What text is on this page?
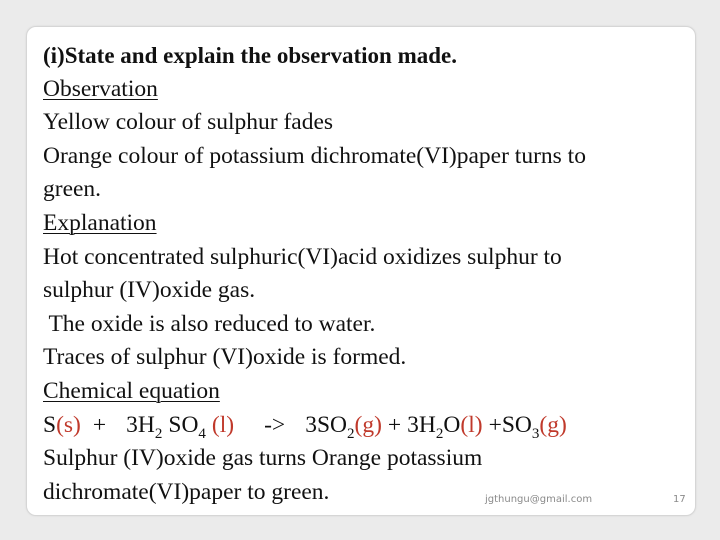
(i)State and explain the observation made.
Observation
Yellow colour of sulphur fades
Orange colour of potassium dichromate(VI)paper turns to
green.
Explanation
Hot concentrated sulphuric(VI)acid oxidizes sulphur to
sulphur (IV)oxide gas.
The oxide is also reduced to water.
Traces of sulphur (VI)oxide is formed.
Chemical equation
$S(s) + 3H_2$ $SO_4$ $(l) -> 3SO_2(g) + 3H_2O(l) +SO_3(g)$
Sulphur (IV)oxide gas turns Orange potassium
dichromate(VI)paper to green.	jgthungu@gmail.com	17
